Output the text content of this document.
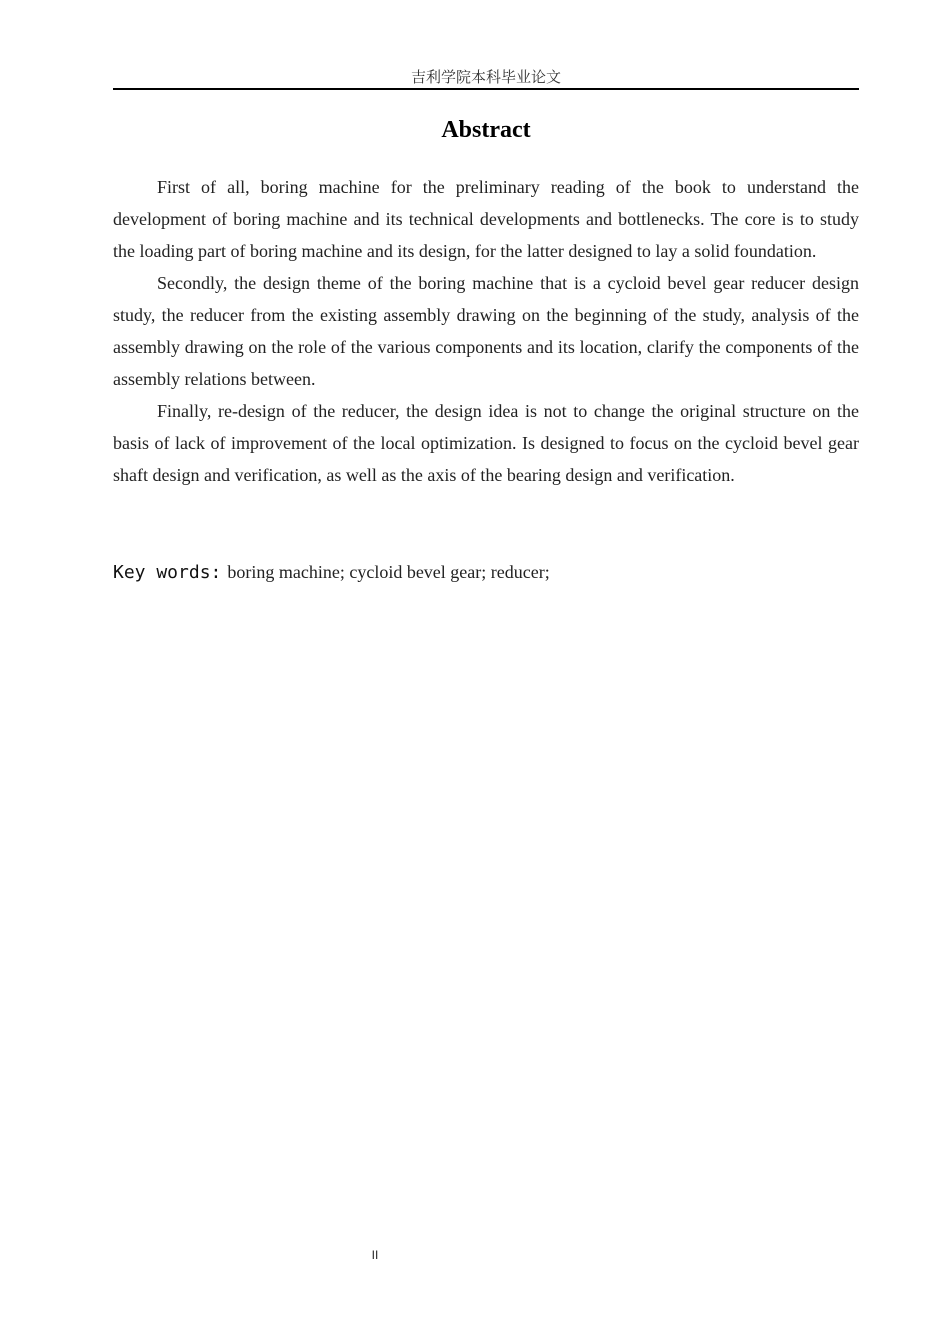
吉利学院本科毕业论文
Abstract

First of all, boring machine for the preliminary reading of the book to understand the development of boring machine and its technical developments and bottlenecks. The core is to study the loading part of boring machine and its design, for the latter designed to lay a solid foundation.

Secondly, the design theme of the boring machine that is a cycloid bevel gear reducer design study, the reducer from the existing assembly drawing on the beginning of the study, analysis of the assembly drawing on the role of the various components and its location, clarify the components of the assembly relations between.

Finally, re-design of the reducer, the design idea is not to change the original structure on the basis of lack of improvement of the local optimization. Is designed to focus on the cycloid bevel gear shaft design and verification, as well as the axis of the bearing design and verification.

Key words: boring machine; cycloid bevel gear; reducer;
II
